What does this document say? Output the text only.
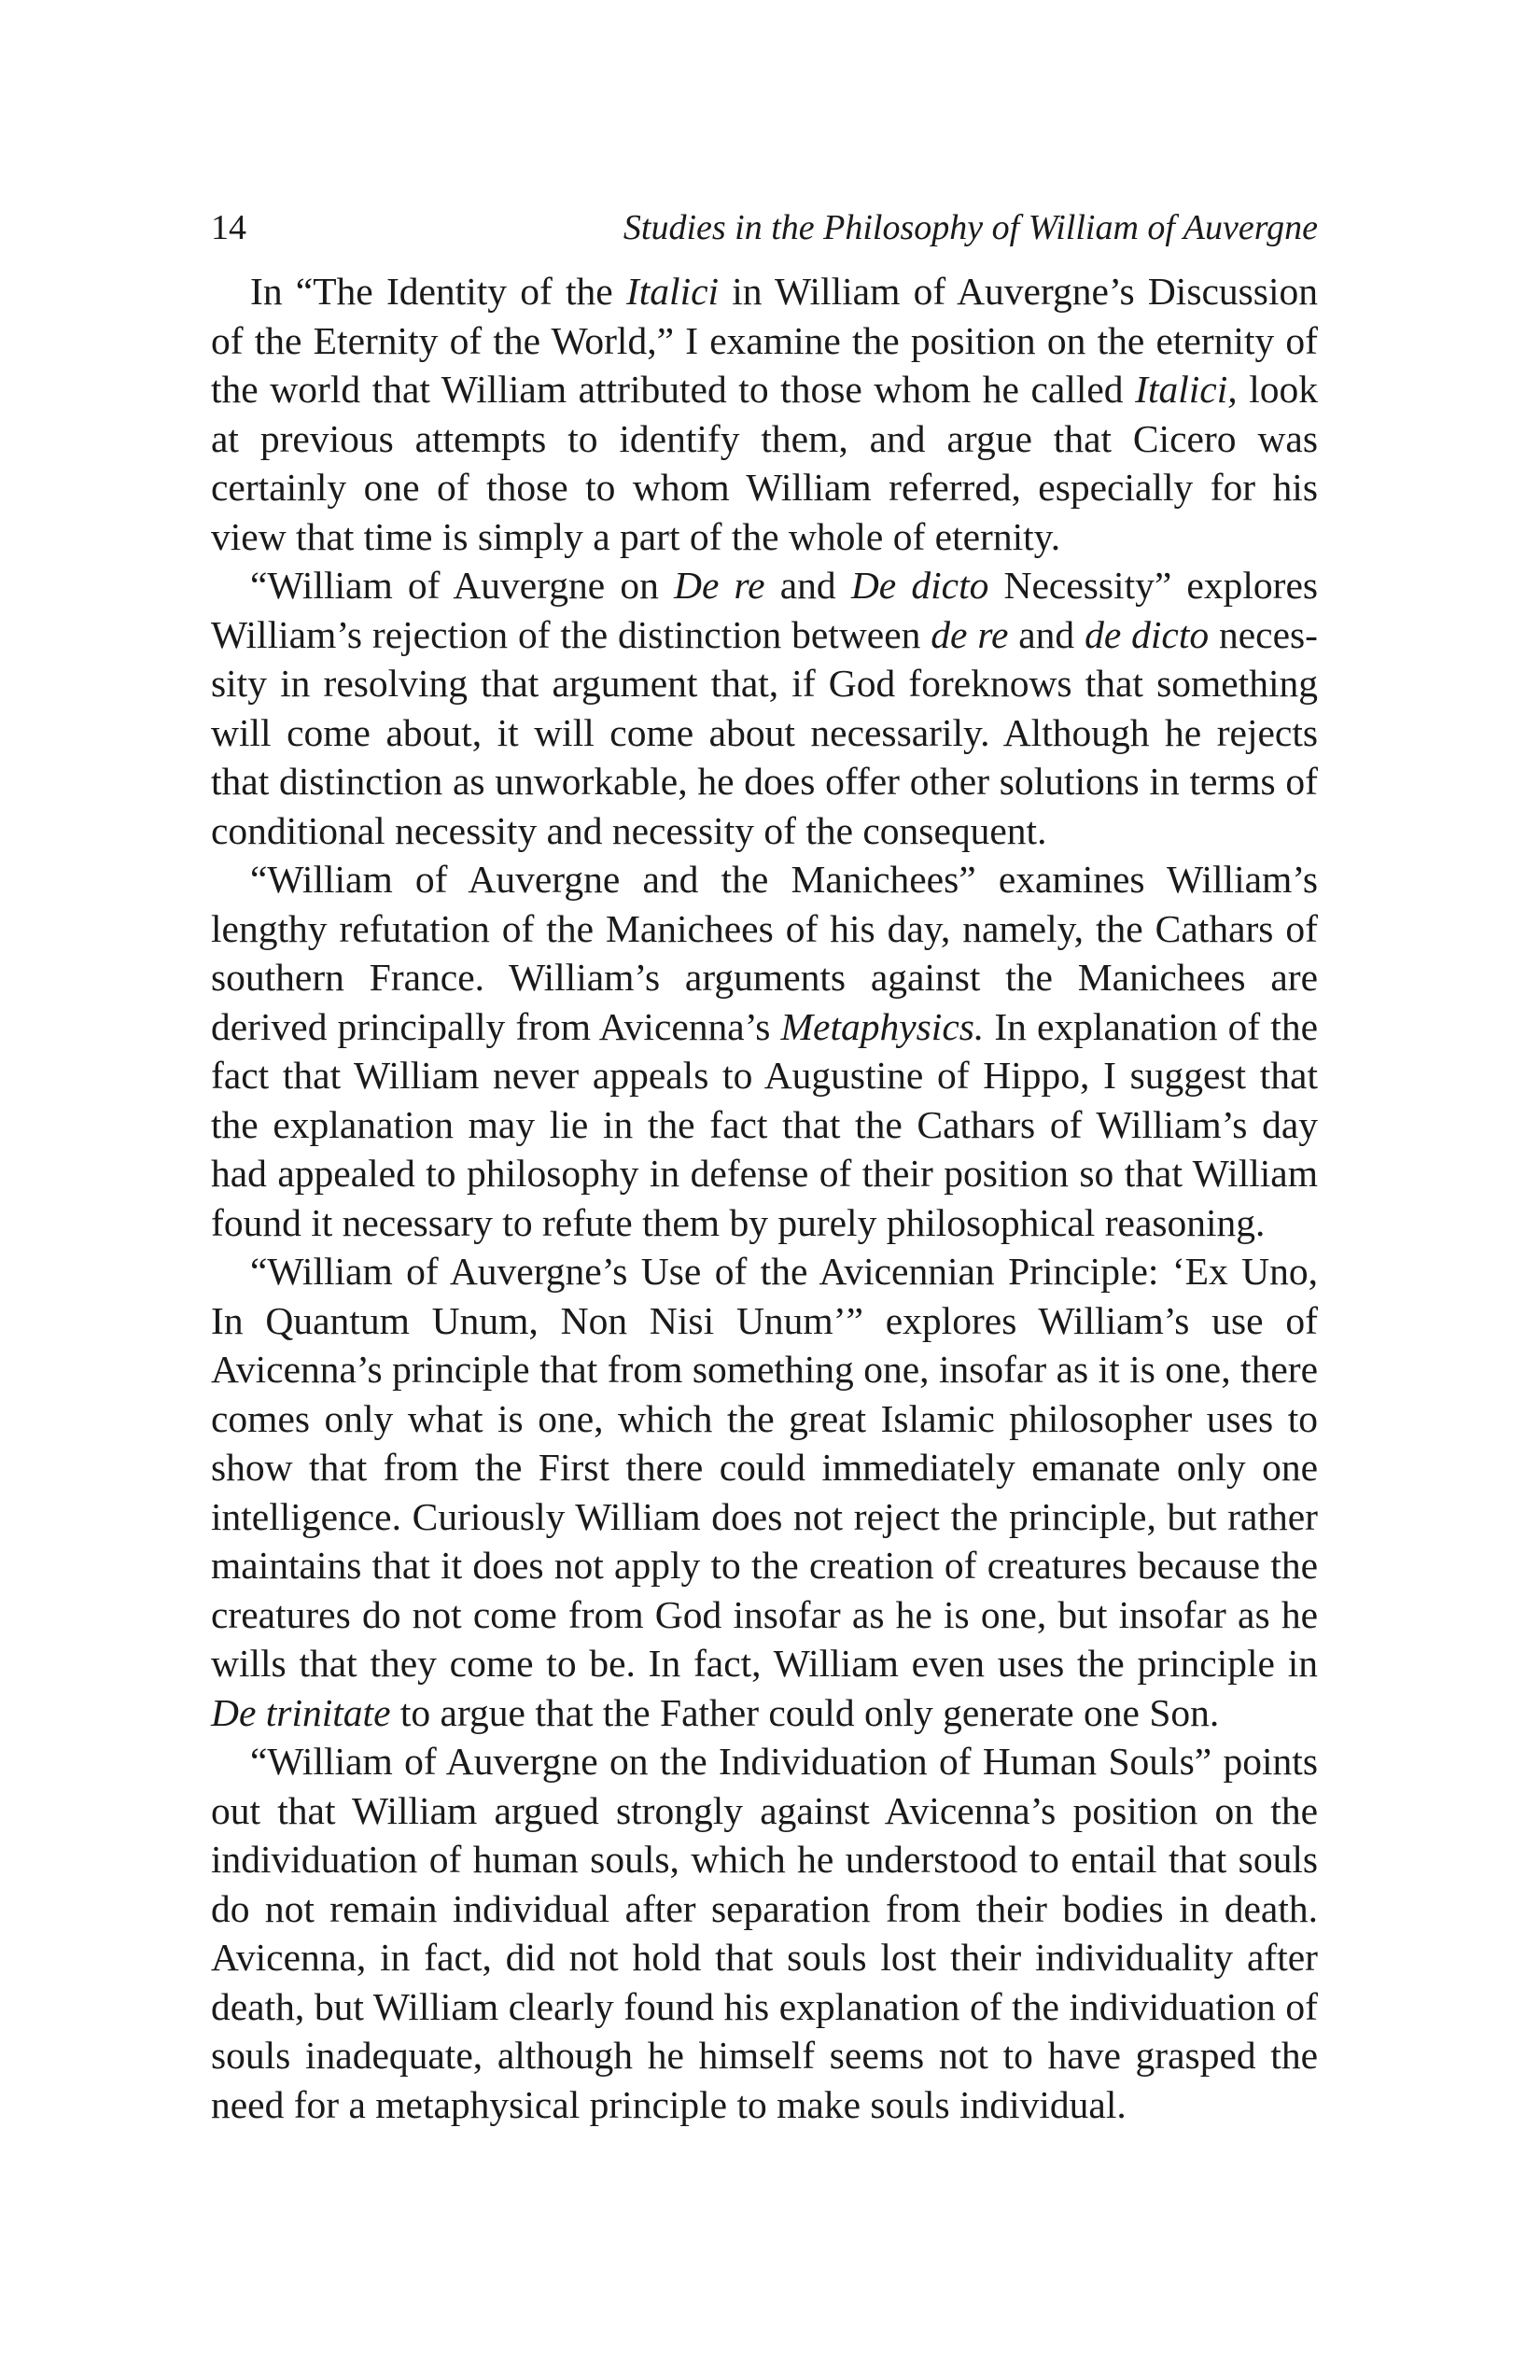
14	Studies in the Philosophy of William of Auvergne

In “The Identity of the Italici in William of Auvergne’s Discussion of the Eternity of the World,” I examine the position on the eternity of the world that William attributed to those whom he called Italici, look at previous attempts to identify them, and argue that Cicero was certainly one of those to whom William referred, especially for his view that time is simply a part of the whole of eternity.

“William of Auvergne on De re and De dicto Necessity” explores William’s rejection of the distinction between de re and de dicto neces-sity in resolving that argument that, if God foreknows that something will come about, it will come about necessarily. Although he rejects that distinction as unworkable, he does offer other solutions in terms of conditional necessity and necessity of the consequent.

“William of Auvergne and the Manichees” examines William’s lengthy refutation of the Manichees of his day, namely, the Cathars of southern France. William’s arguments against the Manichees are derived principally from Avicenna’s Metaphysics. In explanation of the fact that William never appeals to Augustine of Hippo, I suggest that the explanation may lie in the fact that the Cathars of William’s day had appealed to philosophy in defense of their position so that William found it necessary to refute them by purely philosophical reasoning.

“William of Auvergne’s Use of the Avicennian Principle: ‘Ex Uno, In Quantum Unum, Non Nisi Unum’” explores William’s use of Avicenna’s principle that from something one, insofar as it is one, there comes only what is one, which the great Islamic philosopher uses to show that from the First there could immediately emanate only one intelligence. Curiously William does not reject the principle, but rather maintains that it does not apply to the creation of creatures because the creatures do not come from God insofar as he is one, but insofar as he wills that they come to be. In fact, William even uses the principle in De trinitate to argue that the Father could only generate one Son.

“William of Auvergne on the Individuation of Human Souls” points out that William argued strongly against Avicenna’s position on the individuation of human souls, which he understood to entail that souls do not remain individual after separation from their bodies in death. Avicenna, in fact, did not hold that souls lost their individuality after death, but William clearly found his explanation of the individuation of souls inadequate, although he himself seems not to have grasped the need for a metaphysical principle to make souls individual.
